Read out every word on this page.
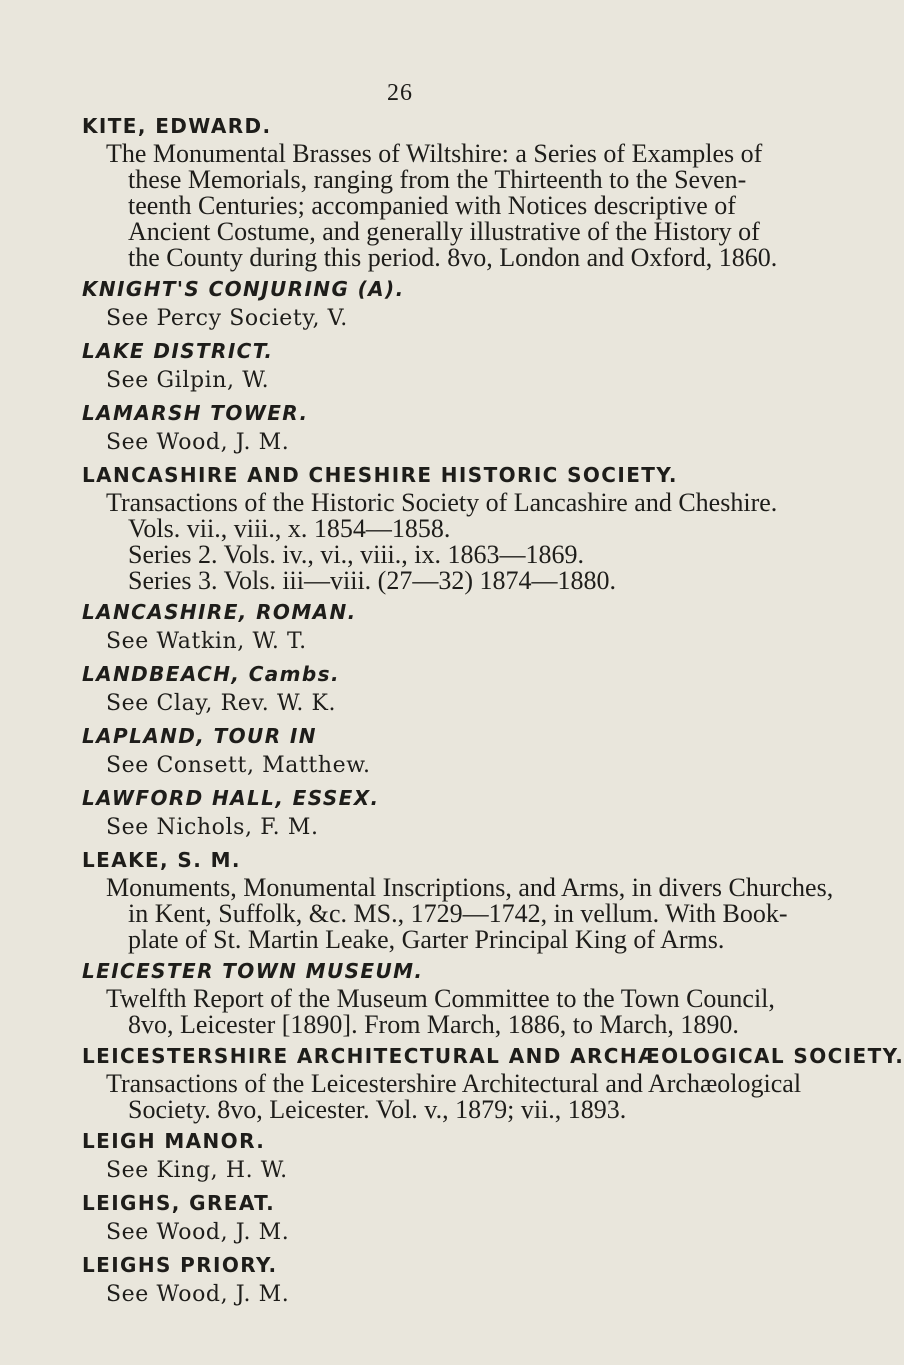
26
KITE, EDWARD.
The Monumental Brasses of Wiltshire: a Series of Examples of
these Memorials, ranging from the Thirteenth to the Seven-
teenth Centuries; accompanied with Notices descriptive of
Ancient Costume, and generally illustrative of the History of
the County during this period. 8vo, London and Oxford, 1860.
KNIGHT'S CONJURING (A).
See Percy Society, V.
LAKE DISTRICT.
See Gilpin, W.
LAMARSH TOWER.
See Wood, J. M.
LANCASHIRE AND CHESHIRE HISTORIC SOCIETY.
Transactions of the Historic Society of Lancashire and Cheshire.
Vols. vii., viii., x. 1854—1858.
Series 2. Vols. iv., vi., viii., ix. 1863—1869.
Series 3. Vols. iii—viii. (27—32) 1874—1880.
LANCASHIRE, ROMAN.
See Watkin, W. T.
LANDBEACH, Cambs.
See Clay, Rev. W. K.
LAPLAND, TOUR IN
See Consett, Matthew.
LAWFORD HALL, ESSEX.
See Nichols, F. M.
LEAKE, S. M.
Monuments, Monumental Inscriptions, and Arms, in divers Churches,
in Kent, Suffolk, &c. MS., 1729—1742, in vellum. With Book-
plate of St. Martin Leake, Garter Principal King of Arms.
LEICESTER TOWN MUSEUM.
Twelfth Report of the Museum Committee to the Town Council,
8vo, Leicester [1890]. From March, 1886, to March, 1890.
LEICESTERSHIRE ARCHITECTURAL AND ARCHÆOLOGICAL SOCIETY.
Transactions of the Leicestershire Architectural and Archæological
Society. 8vo, Leicester. Vol. v., 1879; vii., 1893.
LEIGH MANOR.
See King, H. W.
LEIGHS, GREAT.
See Wood, J. M.
LEIGHS PRIORY.
See Wood, J. M.
